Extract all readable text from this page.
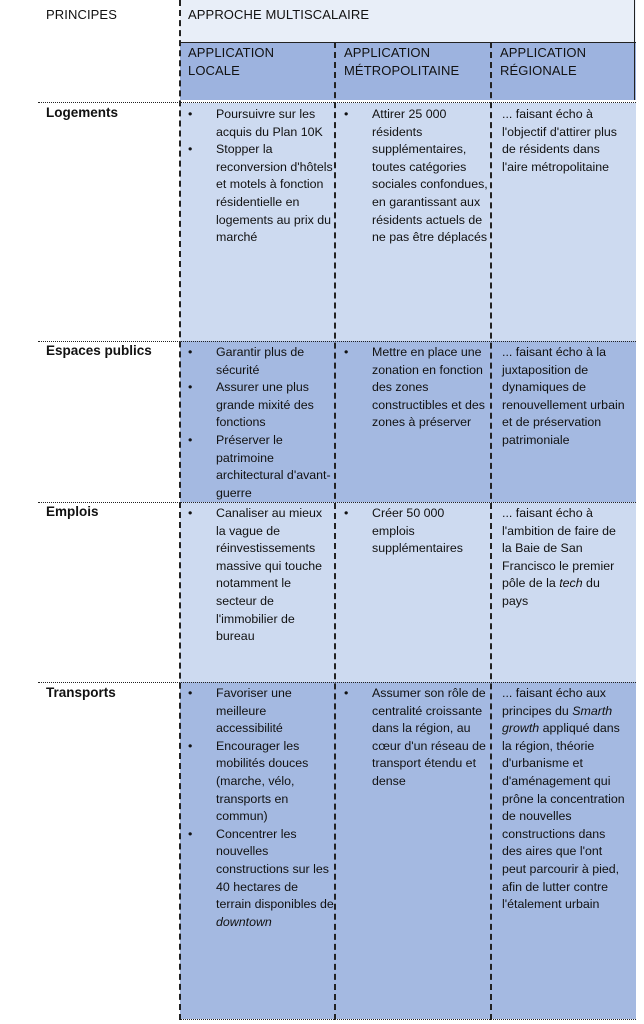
PRINCIPES	APPROCHE MULTISCALAIRE
APPLICATION LOCALE
APPLICATION MÉTROPOLITAINE
APPLICATION RÉGIONALE
Logements
Espaces publics
Emplois
Transports
• Poursuivre sur les acquis du Plan 10K
• Stopper la reconversion d'hôtels et motels à fonction résidentielle en logements au prix du marché
• Attirer 25 000 résidents supplémentaires, toutes catégories sociales confondues, en garantissant aux résidents actuels de ne pas être déplacés

... faisant écho à l'objectif d'attirer plus de résidents dans l'aire métropolitaine

• Garantir plus de sécurité
• Assurer une plus grande mixité des fonctions
• Préserver le patrimoine architectural d'avant-guerre
• Mettre en place une zonation en fonction des zones constructibles et des zones à préserver

... faisant écho à la juxtaposition de dynamiques de renouvellement urbain et de préservation patrimoniale

• Canaliser au mieux la vague de réinvestissements massive qui touche notamment le secteur de l'immobilier de bureau
• Créer 50 000 emplois supplémentaires

... faisant écho à l'ambition de faire de la Baie de San Francisco le premier pôle de la tech du pays

• Favoriser une meilleure accessibilité
• Encourager les mobilités douces (marche, vélo, transports en commun)
• Concentrer les nouvelles constructions sur les 40 hectares de terrain disponibles de downtown
• Assumer son rôle de centralité croissante dans la région, au cœur d'un réseau de transport étendu et dense

... faisant écho aux principes du Smarth growth appliqué dans la région, théorie d'urbanisme et d'aménagement qui prône la concentration de nouvelles constructions dans des aires que l'ont peut parcourir à pied, afin de lutter contre l'étalement urbain
